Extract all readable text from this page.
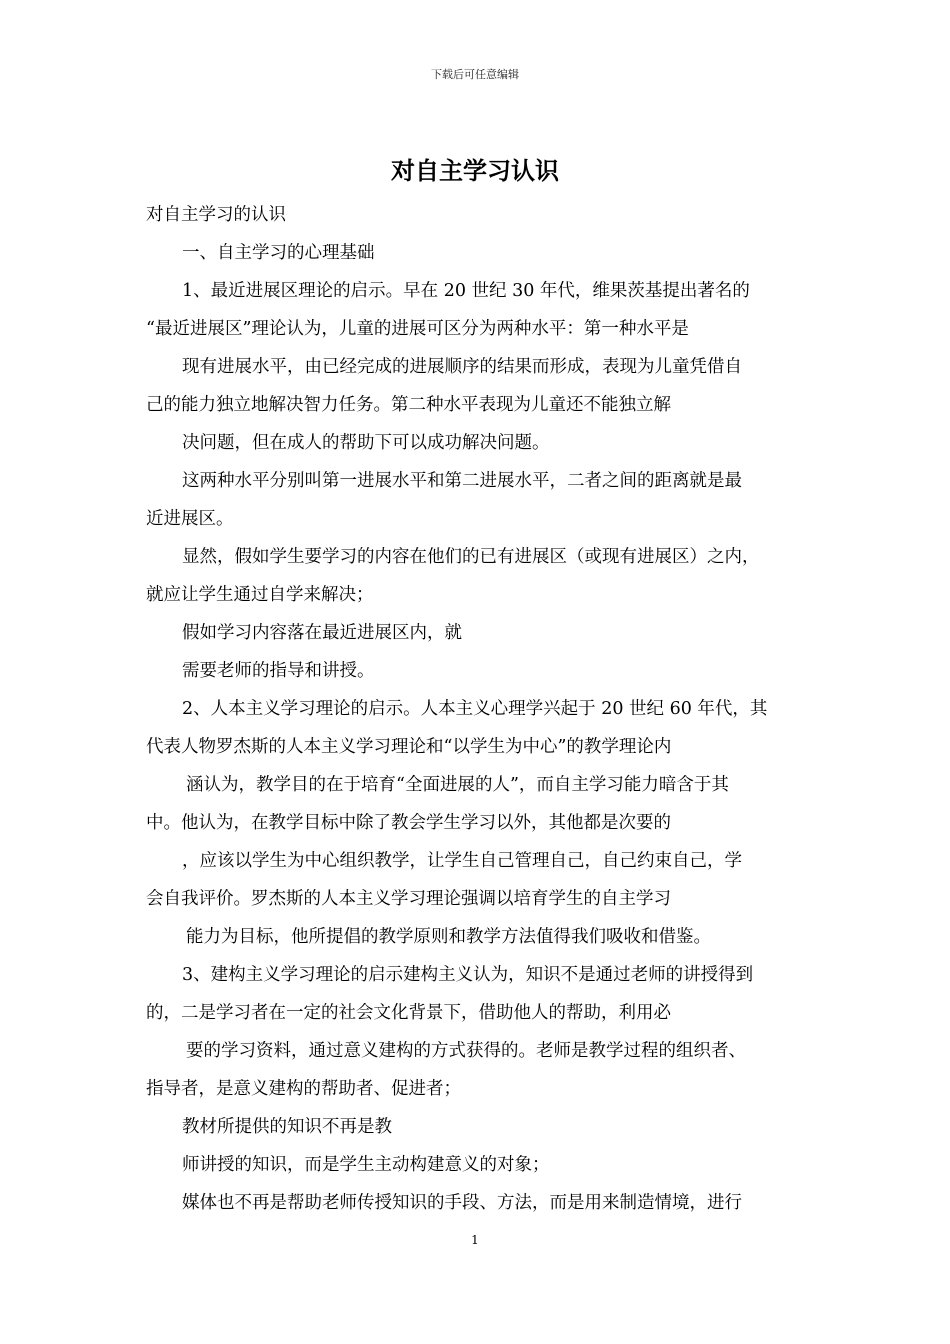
下载后可任意编辑
对自主学习认识
对自主学习的认识
一、自主学习的心理基础
1、最近进展区理论的启示。早在 20 世纪 30 年代，维果茨基提出著名的
“最近进展区”理论认为，儿童的进展可区分为两种水平：第一种水平是
现有进展水平，由已经完成的进展顺序的结果而形成，表现为儿童凭借自
己的能力独立地解决智力任务。第二种水平表现为儿童还不能独立解
决问题，但在成人的帮助下可以成功解决问题。
这两种水平分别叫第一进展水平和第二进展水平，二者之间的距离就是最
近进展区。
显然，假如学生要学习的内容在他们的已有进展区（或现有进展区）之内，
就应让学生通过自学来解决；
假如学习内容落在最近进展区内，就
需要老师的指导和讲授。
2、人本主义学习理论的启示。人本主义心理学兴起于 20 世纪 60 年代，其
代表人物罗杰斯的人本主义学习理论和“以学生为中心”的教学理论内
涵认为，教学目的在于培育“全面进展的人”，而自主学习能力暗含于其
中。他认为，在教学目标中除了教会学生学习以外，其他都是次要的
，应该以学生为中心组织教学，让学生自己管理自己，自己约束自己，学
会自我评价。罗杰斯的人本主义学习理论强调以培育学生的自主学习
能力为目标，他所提倡的教学原则和教学方法值得我们吸收和借鉴。
3、建构主义学习理论的启示建构主义认为，知识不是通过老师的讲授得到
的，二是学习者在一定的社会文化背景下，借助他人的帮助，利用必
要的学习资料，通过意义建构的方式获得的。老师是教学过程的组织者、
指导者，是意义建构的帮助者、促进者；
教材所提供的知识不再是教
师讲授的知识，而是学生主动构建意义的对象；
媒体也不再是帮助老师传授知识的手段、方法，而是用来制造情境，进行
1
